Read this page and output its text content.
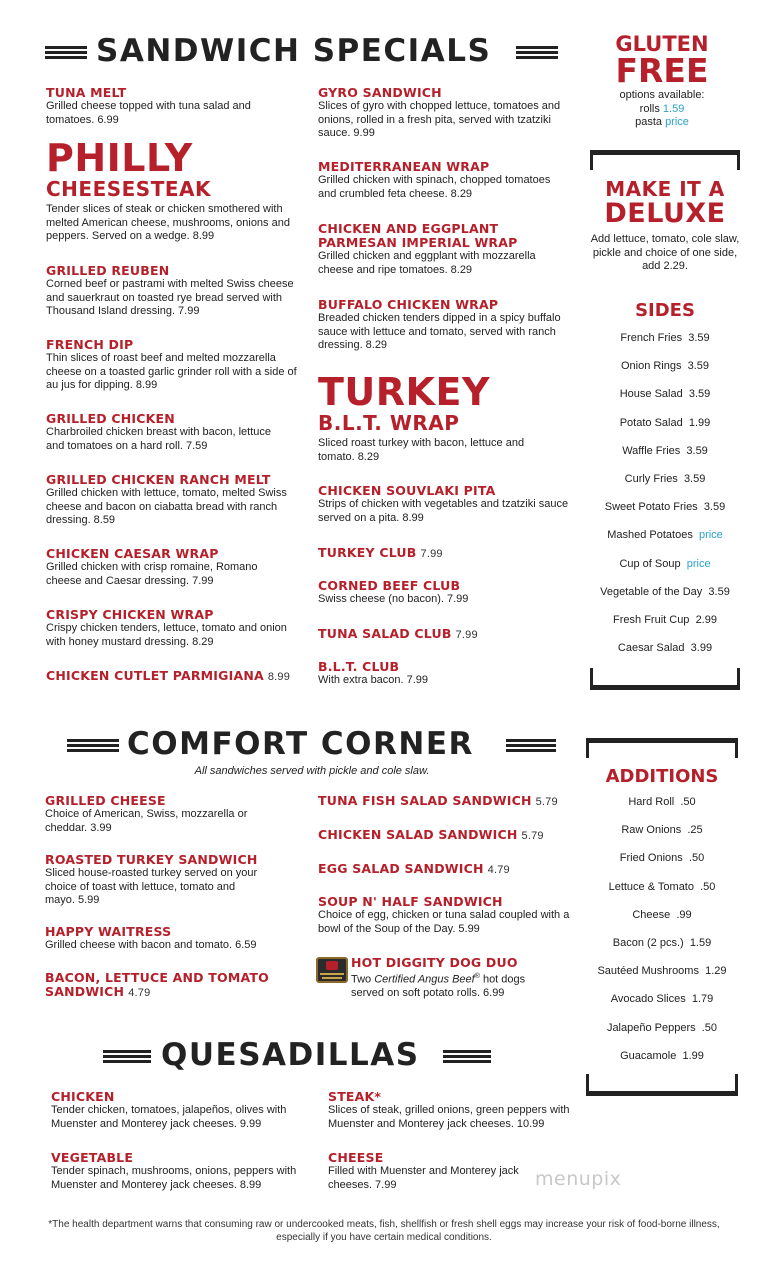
SANDWICH SPECIALS
TUNA MELT
Grilled cheese topped with tuna salad and tomatoes. 6.99
PHILLY
CHEESESTEAK
Tender slices of steak or chicken smothered with melted American cheese, mushrooms, onions and peppers. Served on a wedge. 8.99
GRILLED REUBEN
Corned beef or pastrami with melted Swiss cheese and sauerkraut on toasted rye bread served with Thousand Island dressing. 7.99
FRENCH DIP
Thin slices of roast beef and melted mozzarella cheese on a toasted garlic grinder roll with a side of au jus for dipping. 8.99
GRILLED CHICKEN
Charbroiled chicken breast with bacon, lettuce and tomatoes on a hard roll. 7.59
GRILLED CHICKEN RANCH MELT
Grilled chicken with lettuce, tomato, melted Swiss cheese and bacon on ciabatta bread with ranch dressing. 8.59
CHICKEN CAESAR WRAP
Grilled chicken with crisp romaine, Romano cheese and Caesar dressing. 7.99
CRISPY CHICKEN WRAP
Crispy chicken tenders, lettuce, tomato and onion with honey mustard dressing. 8.29
CHICKEN CUTLET PARMIGIANA 8.99
GYRO SANDWICH
Slices of gyro with chopped lettuce, tomatoes and onions, rolled in a fresh pita, served with tzatziki sauce. 9.99
MEDITERRANEAN WRAP
Grilled chicken with spinach, chopped tomatoes and crumbled feta cheese. 8.29
CHICKEN AND EGGPLANT PARMESAN IMPERIAL WRAP
Grilled chicken and eggplant with mozzarella cheese and ripe tomatoes. 8.29
BUFFALO CHICKEN WRAP
Breaded chicken tenders dipped in a spicy buffalo sauce with lettuce and tomato, served with ranch dressing. 8.29
TURKEY
B.L.T. WRAP
Sliced roast turkey with bacon, lettuce and tomato. 8.29
CHICKEN SOUVLAKI PITA
Strips of chicken with vegetables and tzatziki sauce served on a pita. 8.99
TURKEY CLUB 7.99
CORNED BEEF CLUB
Swiss cheese (no bacon). 7.99
TUNA SALAD CLUB 7.99
B.L.T. CLUB
With extra bacon. 7.99
GLUTEN
FREE
options available:
rolls 1.59
pasta price
MAKE IT A
DELUXE
Add lettuce, tomato, cole slaw, pickle and choice of one side, add 2.29.
SIDES
French Fries 3.59
Onion Rings 3.59
House Salad 3.59
Potato Salad 1.99
Waffle Fries 3.59
Curly Fries 3.59
Sweet Potato Fries 3.59
Mashed Potatoes price
Cup of Soup price
Vegetable of the Day 3.59
Fresh Fruit Cup 2.99
Caesar Salad 3.99
ADDITIONS
Hard Roll .50
Raw Onions .25
Fried Onions .50
Lettuce & Tomato .50
Cheese .99
Bacon (2 pcs.) 1.59
Sautéed Mushrooms 1.29
Avocado Slices 1.79
Jalapeño Peppers .50
Guacamole 1.99
COMFORT CORNER
All sandwiches served with pickle and cole slaw.
GRILLED CHEESE
Choice of American, Swiss, mozzarella or cheddar. 3.99
ROASTED TURKEY SANDWICH
Sliced house-roasted turkey served on your choice of toast with lettuce, tomato and mayo. 5.99
HAPPY WAITRESS
Grilled cheese with bacon and tomato. 6.59
BACON, LETTUCE AND TOMATO SANDWICH 4.79
TUNA FISH SALAD SANDWICH 5.79
CHICKEN SALAD SANDWICH 5.79
EGG SALAD SANDWICH 4.79
SOUP N' HALF SANDWICH
Choice of egg, chicken or tuna salad coupled with a bowl of the Soup of the Day. 5.99
HOT DIGGITY DOG DUO
Two Certified Angus Beef® hot dogs served on soft potato rolls. 6.99
QUESADILLAS
CHICKEN
Tender chicken, tomatoes, jalapeños, olives with Muenster and Monterey jack cheeses. 9.99
STEAK*
Slices of steak, grilled onions, green peppers with Muenster and Monterey jack cheeses. 10.99
VEGETABLE
Tender spinach, mushrooms, onions, peppers with Muenster and Monterey jack cheeses. 8.99
CHEESE
Filled with Muenster and Monterey jack cheeses. 7.99	menupix
*The health department warns that consuming raw or undercooked meats, fish, shellfish or fresh shell eggs may increase your risk of food-borne illness, especially if you have certain medical conditions.
